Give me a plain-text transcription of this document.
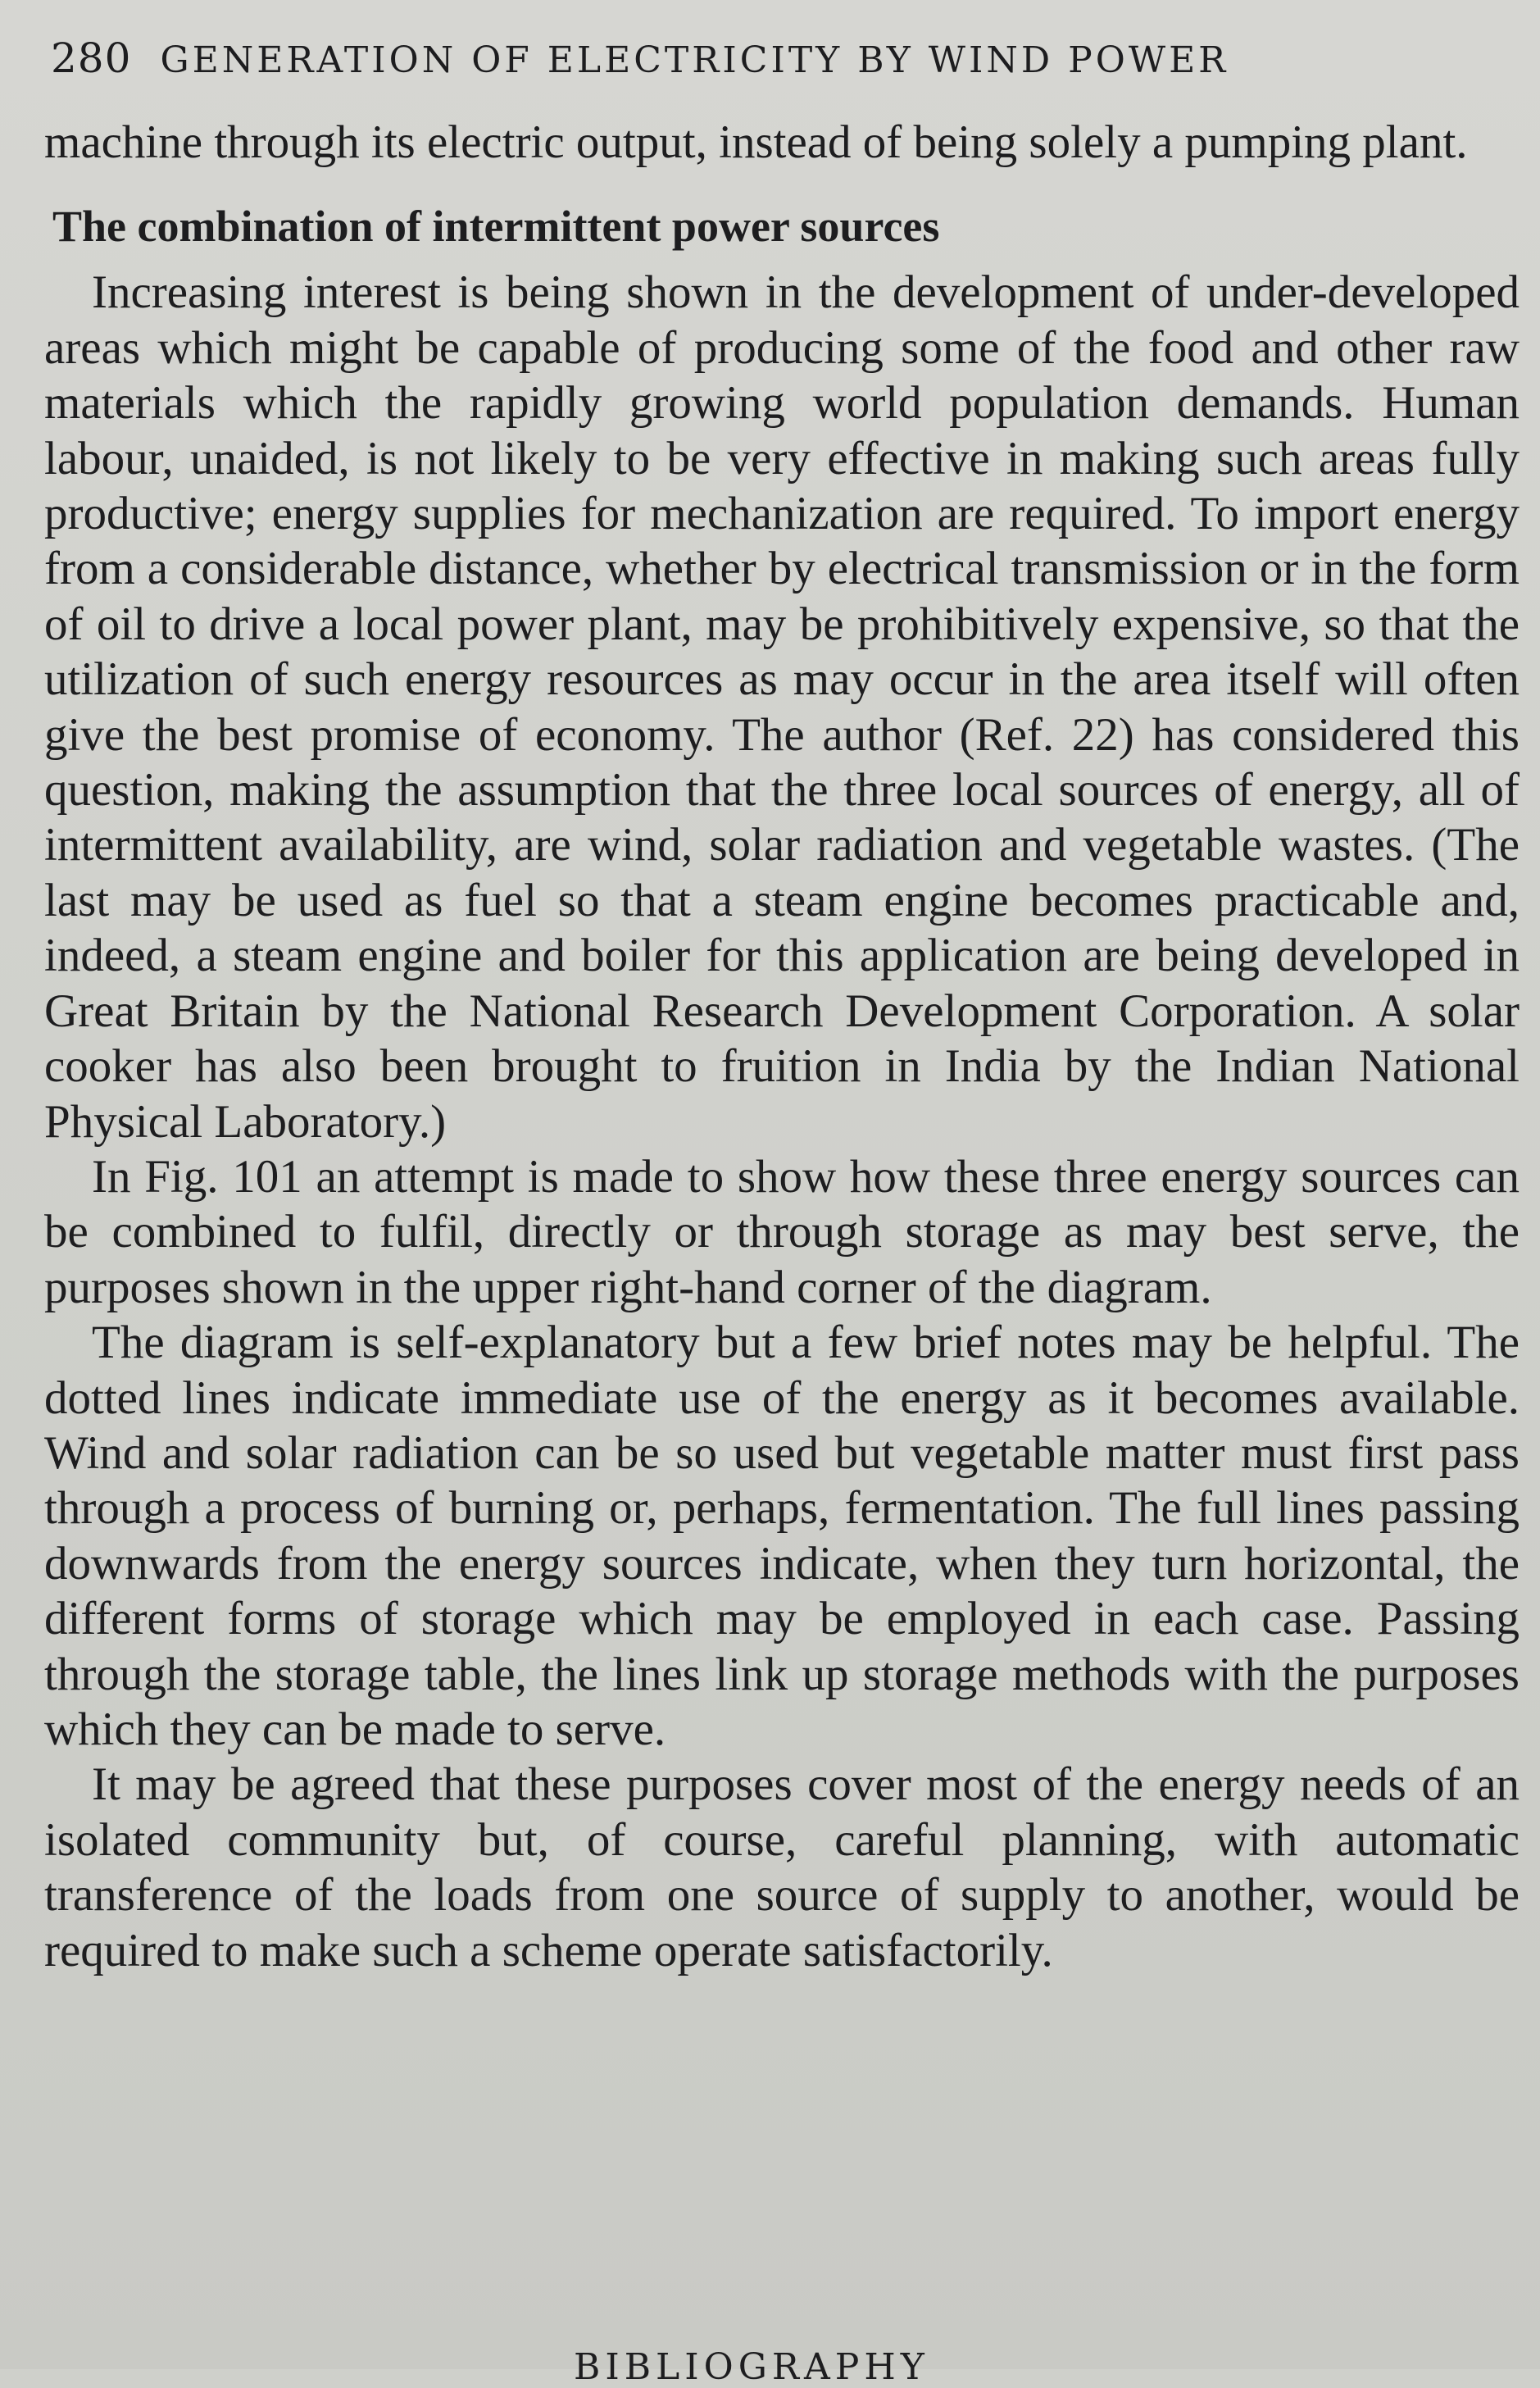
280 GENERATION OF ELECTRICITY BY WIND POWER

machine through its electric output, instead of being solely a pumping plant.

The combination of intermittent power sources

Increasing interest is being shown in the development of under-developed areas which might be capable of producing some of the food and other raw materials which the rapidly growing world population demands. Human labour, unaided, is not likely to be very effective in making such areas fully productive; energy supplies for mechanization are required. To import energy from a considerable distance, whether by electrical transmission or in the form of oil to drive a local power plant, may be prohibitively expensive, so that the utilization of such energy resources as may occur in the area itself will often give the best promise of economy. The author (Ref. 22) has considered this question, making the assumption that the three local sources of energy, all of intermittent availability, are wind, solar radiation and vegetable wastes. (The last may be used as fuel so that a steam engine becomes practicable and, indeed, a steam engine and boiler for this application are being developed in Great Britain by the National Research Development Corporation. A solar cooker has also been brought to fruition in India by the Indian National Physical Laboratory.)

In Fig. 101 an attempt is made to show how these three energy sources can be combined to fulfil, directly or through storage as may best serve, the purposes shown in the upper right-hand corner of the diagram.

The diagram is self-explanatory but a few brief notes may be helpful. The dotted lines indicate immediate use of the energy as it becomes available. Wind and solar radiation can be so used but vegetable matter must first pass through a process of burning or, perhaps, fermentation. The full lines passing downwards from the energy sources indicate, when they turn horizontal, the different forms of storage which may be employed in each case. Passing through the storage table, the lines link up storage methods with the purposes which they can be made to serve.

It may be agreed that these purposes cover most of the energy needs of an isolated community but, of course, careful planning, with automatic transference of the loads from one source of supply to another, would be required to make such a scheme operate satisfactorily.

BIBLIOGRAPHY
